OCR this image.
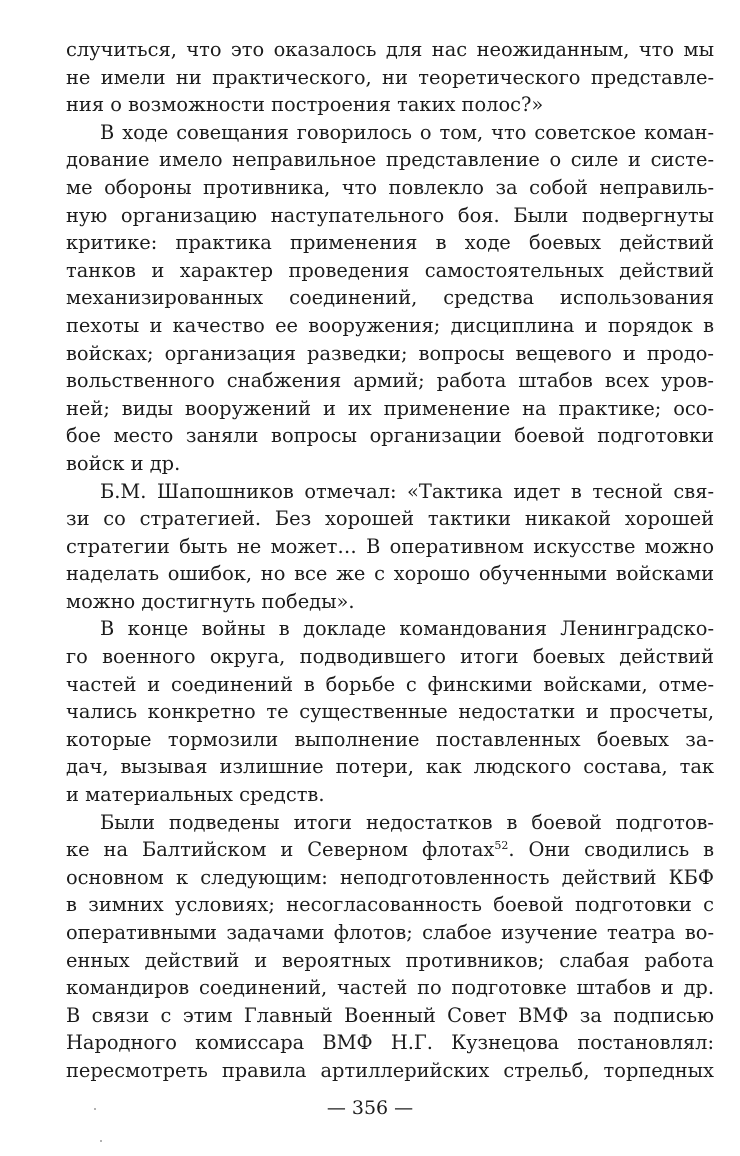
случиться, что это оказалось для нас неожиданным, что мы
не имели ни практического, ни теоретического представле-
ния о возможности построения таких полос?»
В ходе совещания говорилось о том, что советское коман-
дование имело неправильное представление о силе и систе-
ме обороны противника, что повлекло за собой неправиль-
ную организацию наступательного боя. Были подвергнуты
критике: практика применения в ходе боевых действий
танков и характер проведения самостоятельных действий
механизированных соединений, средства использования
пехоты и качество ее вооружения; дисциплина и порядок в
войсках; организация разведки; вопросы вещевого и продо-
вольственного снабжения армий; работа штабов всех уров-
ней; виды вооружений и их применение на практике; осо-
бое место заняли вопросы организации боевой подготовки
войск и др.
Б.М. Шапошников отмечал: «Тактика идет в тесной свя-
зи со стратегией. Без хорошей тактики никакой хорошей
стратегии быть не может… В оперативном искусстве можно
наделать ошибок, но все же с хорошо обученными войсками
можно достигнуть победы».
В конце войны в докладе командования Ленинградско-
го военного округа, подводившего итоги боевых действий
частей и соединений в борьбе с финскими войсками, отме-
чались конкретно те существенные недостатки и просчеты,
которые тормозили выполнение поставленных боевых за-
дач, вызывая излишние потери, как людского состава, так
и материальных средств.
Были подведены итоги недостатков в боевой подготов-
ке на Балтийском и Северном флотах$^{52}$. Они сводились в
основном к следующим: неподготовленность действий КБФ
в зимних условиях; несогласованность боевой подготовки с
оперативными задачами флотов; слабое изучение театра во-
енных действий и вероятных противников; слабая работа
командиров соединений, частей по подготовке штабов и др.
В связи с этим Главный Военный Совет ВМФ за подписью
Народного комиссара ВМФ Н.Г. Кузнецова постановлял:
пересмотреть правила артиллерийских стрельб, торпедных
— 356 —
